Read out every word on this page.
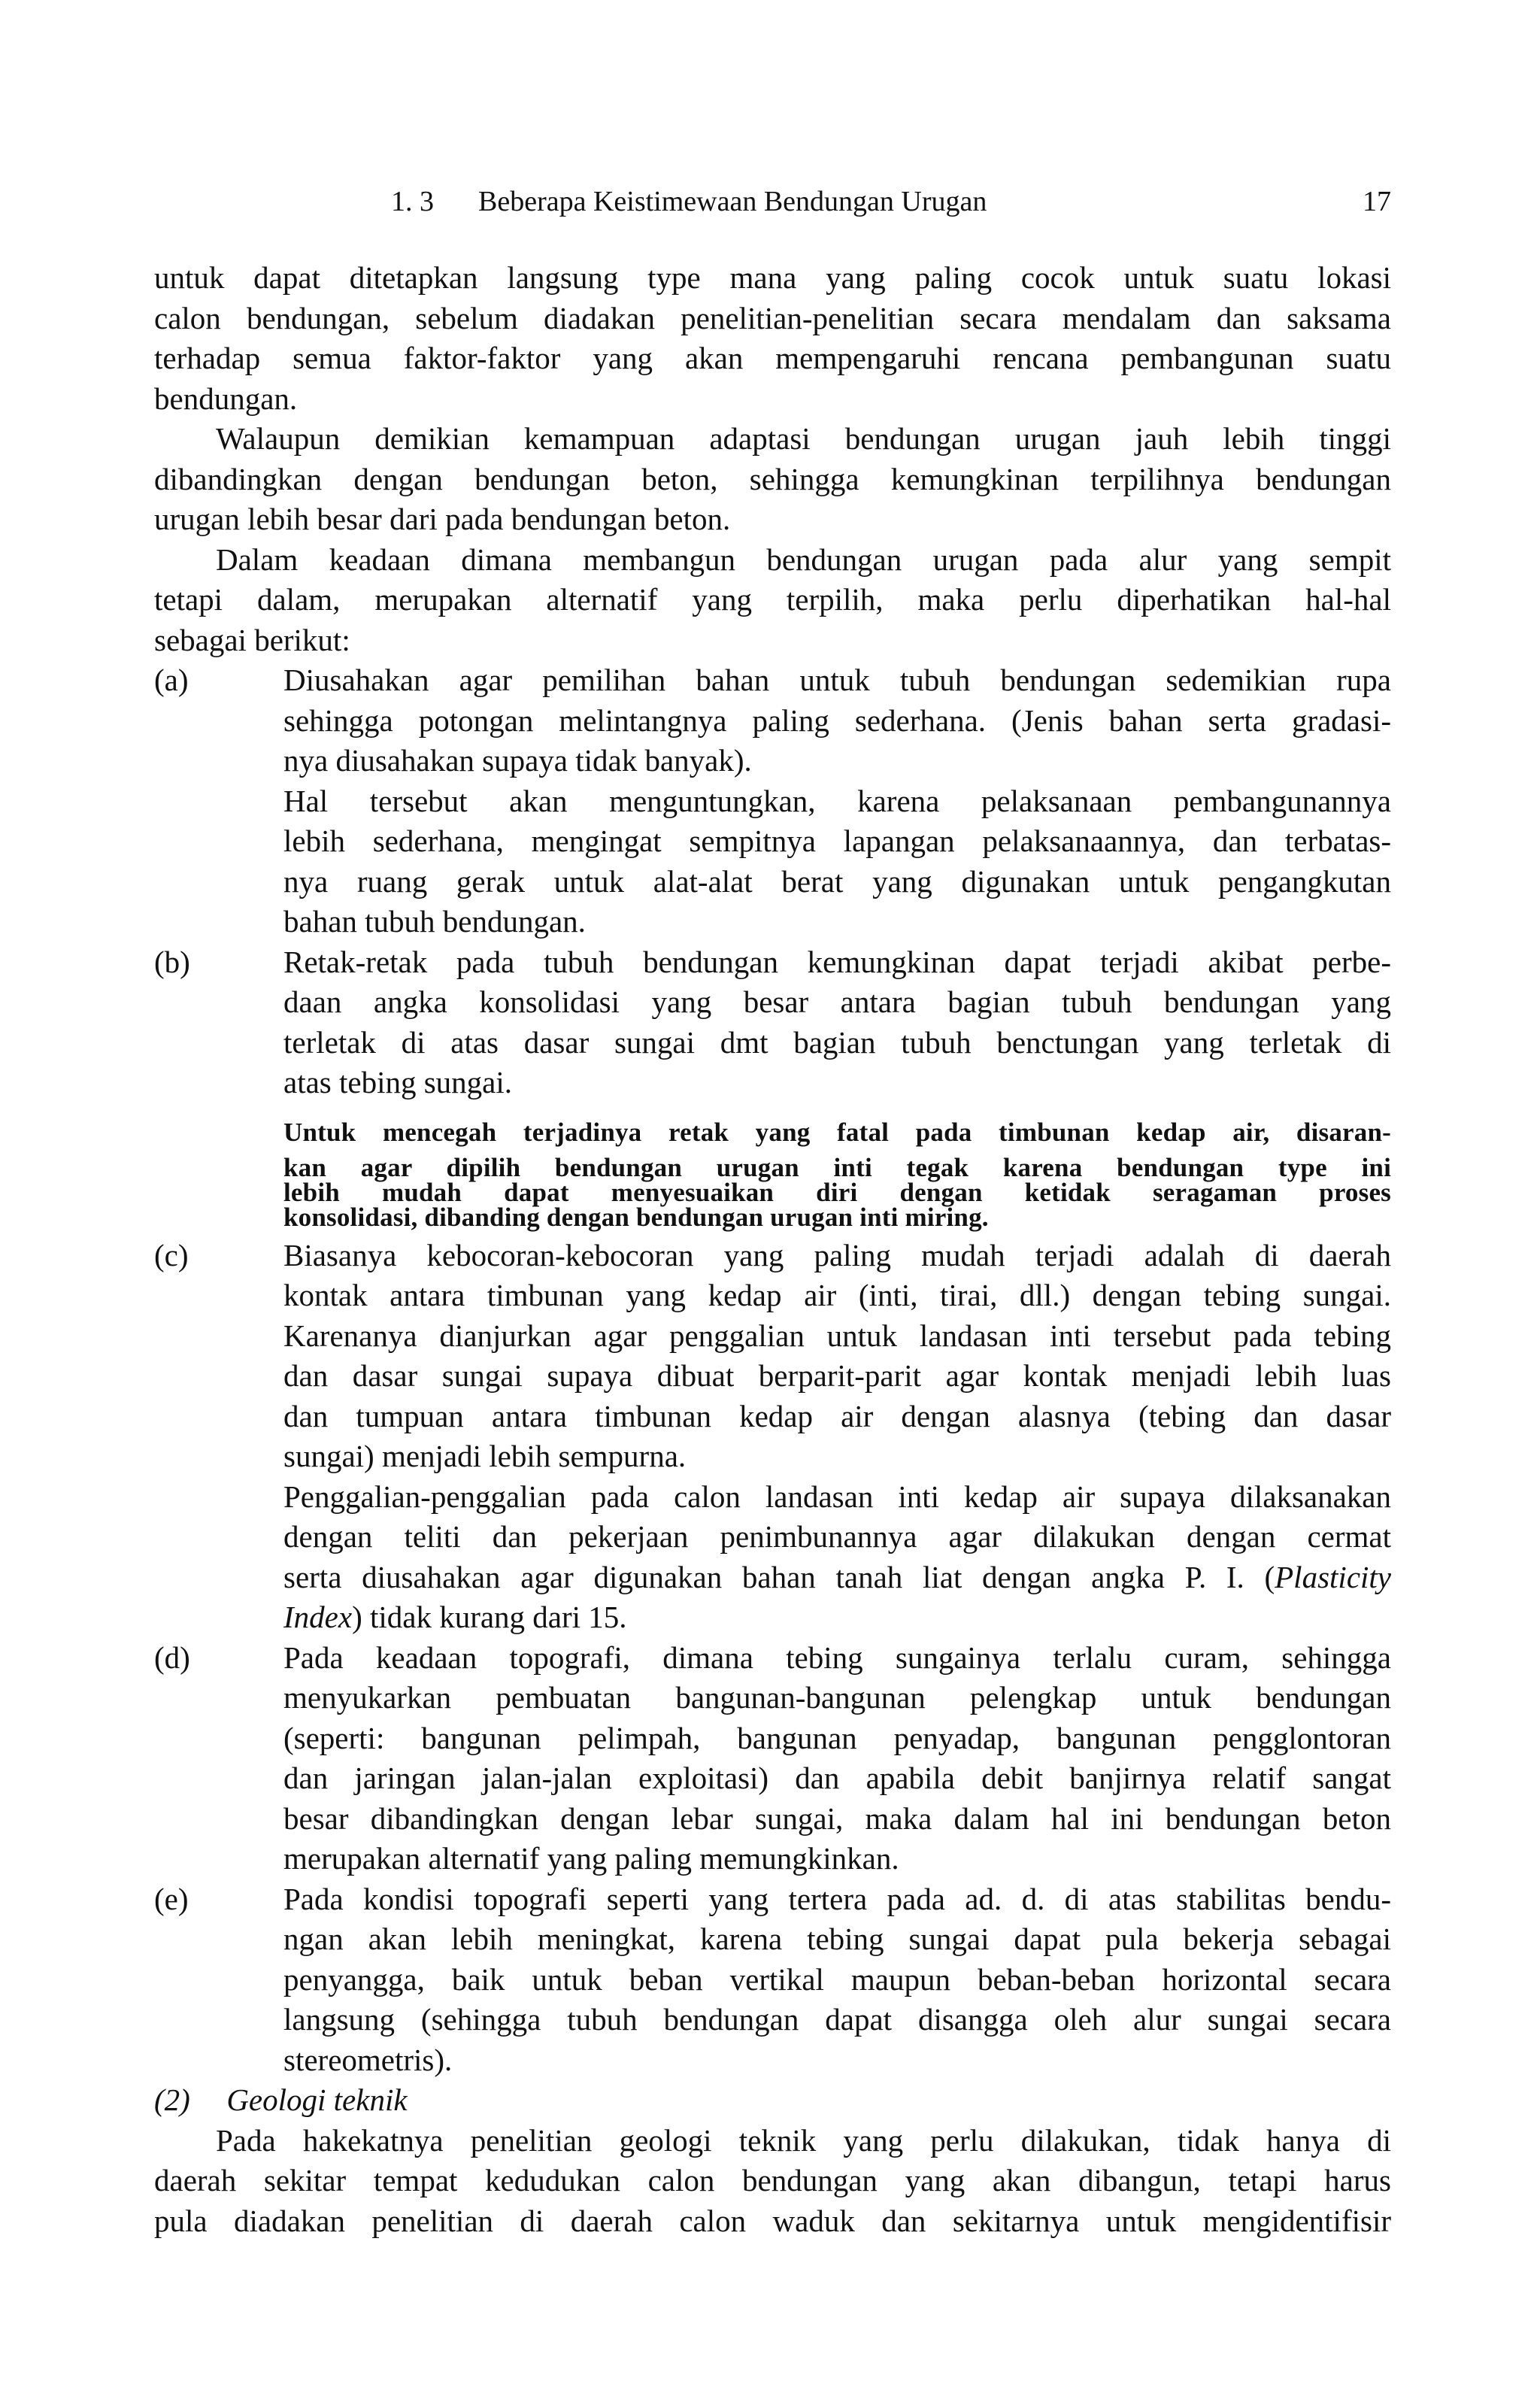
1. 3 Beberapa Keistimewaan Bendungan Urugan	17

untuk dapat ditetapkan langsung type mana yang paling cocok untuk suatu lokasi

calon bendungan, sebelum diadakan penelitian-penelitian secara mendalam dan saksama

terhadap semua faktor-faktor yang akan mempengaruhi rencana pembangunan suatu

bendungan.

Walaupun demikian kemampuan adaptasi bendungan urugan jauh lebih tinggi

dibandingkan dengan bendungan beton, sehingga kemungkinan terpilihnya bendungan

urugan lebih besar dari pada bendungan beton.

Dalam keadaan dimana membangun bendungan urugan pada alur yang sempit

tetapi dalam, merupakan alternatif yang terpilih, maka perlu diperhatikan hal-hal

sebagai berikut:

(a)	Diusahakan agar pemilihan bahan untuk tubuh bendungan sedemikian rupa

sehingga potongan melintangnya paling sederhana. (Jenis bahan serta gradasi-

nya diusahakan supaya tidak banyak).

Hal tersebut akan menguntungkan, karena pelaksanaan pembangunannya

lebih sederhana, mengingat sempitnya lapangan pelaksanaannya, dan terbatas-

nya ruang gerak untuk alat-alat berat yang digunakan untuk pengangkutan

bahan tubuh bendungan.

(b)	Retak-retak pada tubuh bendungan kemungkinan dapat terjadi akibat perbe-

daan angka konsolidasi yang besar antara bagian tubuh bendungan yang

terletak di atas dasar sungai dmt bagian tubuh benctungan yang terletak di

atas tebing sungai.

Untuk mencegah terjadinya retak yang fatal pada timbunan kedap air, disaran-

kan agar dipilih bendungan urugan inti tegak karena bendungan type ini

lebih mudah dapat menyesuaikan diri dengan ketidak seragaman proses

konsolidasi, dibanding dengan bendungan urugan inti miring.

(c)	Biasanya kebocoran-kebocoran yang paling mudah terjadi adalah di daerah

kontak antara timbunan yang kedap air (inti, tirai, dll.) dengan tebing sungai.

Karenanya dianjurkan agar penggalian untuk landasan inti tersebut pada tebing

dan dasar sungai supaya dibuat berparit-parit agar kontak menjadi lebih luas

dan tumpuan antara timbunan kedap air dengan alasnya (tebing dan dasar

sungai) menjadi lebih sempurna.

Penggalian-penggalian pada calon landasan inti kedap air supaya dilaksanakan

dengan teliti dan pekerjaan penimbunannya agar dilakukan dengan cermat

serta diusahakan agar digunakan bahan tanah liat dengan angka P. I. (Plasticity

Index) tidak kurang dari 15.

(d)	Pada keadaan topografi, dimana tebing sungainya terlalu curam, sehingga

menyukarkan pembuatan bangunan-bangunan pelengkap untuk bendungan

(seperti: bangunan pelimpah, bangunan penyadap, bangunan pengglontoran

dan jaringan jalan-jalan exploitasi) dan apabila debit banjirnya relatif sangat

besar dibandingkan dengan lebar sungai, maka dalam hal ini bendungan beton

merupakan alternatif yang paling memungkinkan.

(e)	Pada kondisi topografi seperti yang tertera pada ad. d. di atas stabilitas bendu-

ngan akan lebih meningkat, karena tebing sungai dapat pula bekerja sebagai

penyangga, baik untuk beban vertikal maupun beban-beban horizontal secara

langsung (sehingga tubuh bendungan dapat disangga oleh alur sungai secara

stereometris).

(2) Geologi teknik

Pada hakekatnya penelitian geologi teknik yang perlu dilakukan, tidak hanya di

daerah sekitar tempat kedudukan calon bendungan yang akan dibangun, tetapi harus

pula diadakan penelitian di daerah calon waduk dan sekitarnya untuk mengidentifisir
